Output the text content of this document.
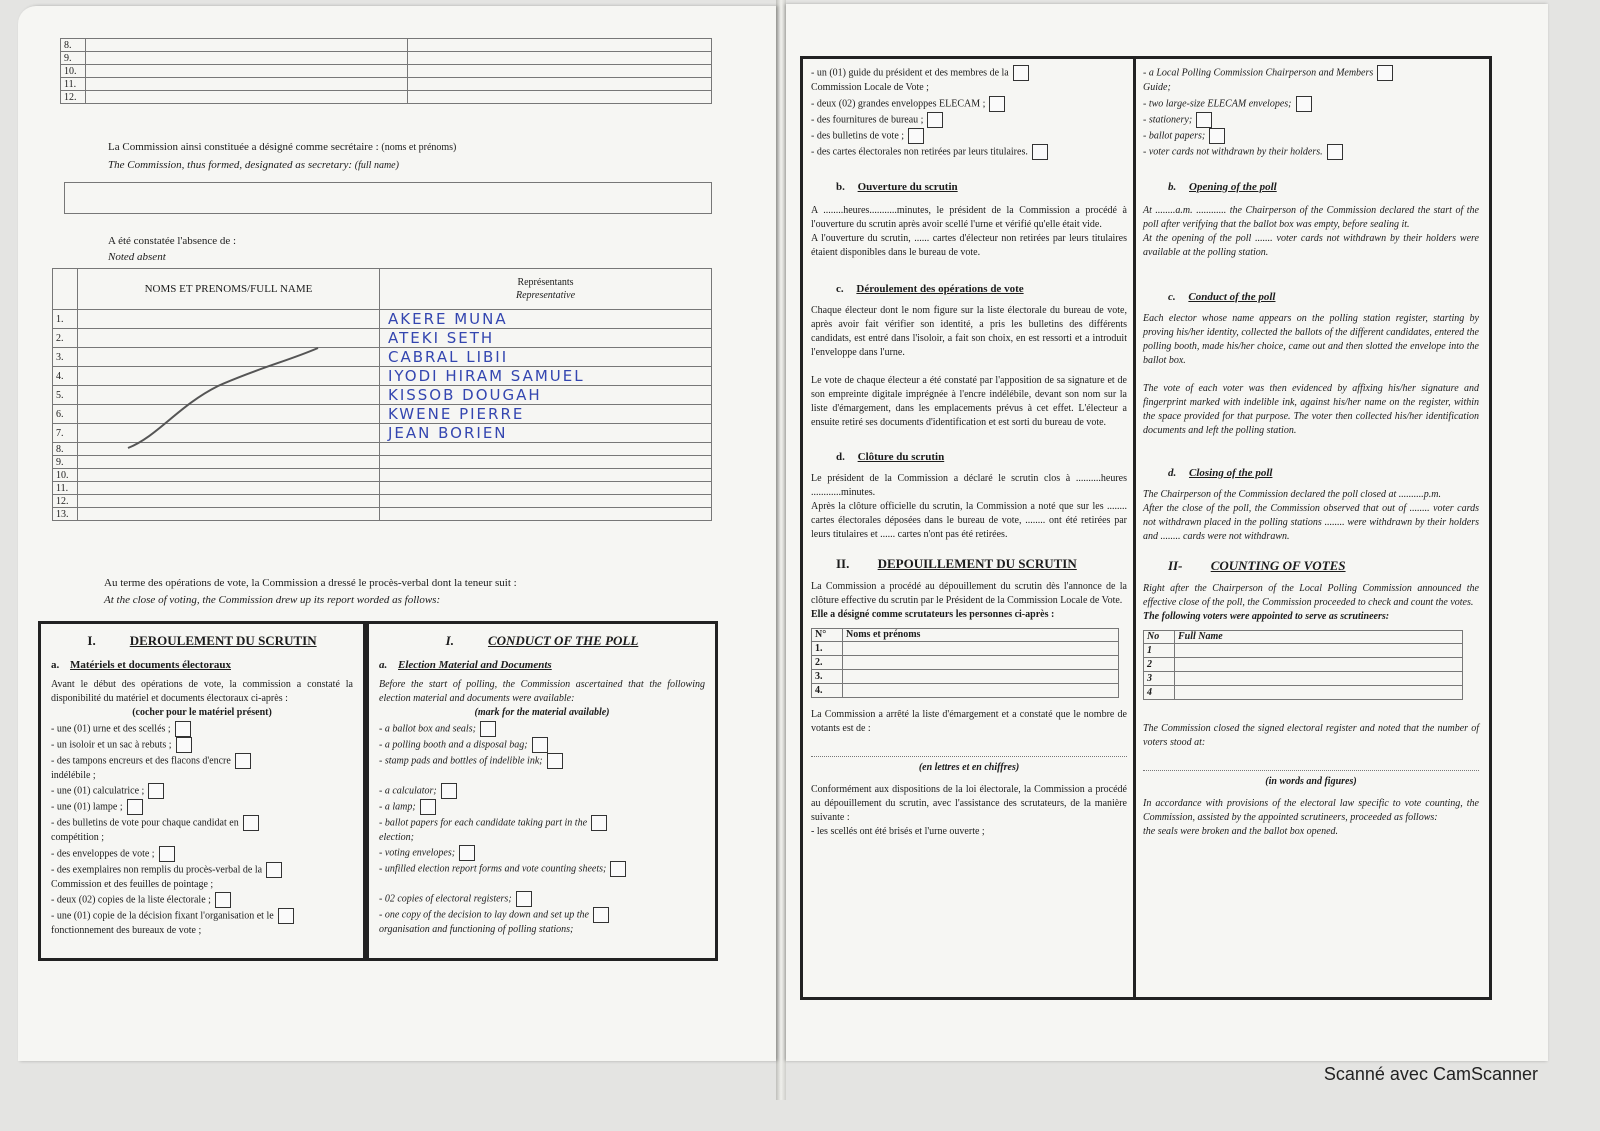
8.		
9.		
10.		
11.		
12.		
La Commission ainsi constituée a désigné comme secrétaire : (noms et prénoms)
The Commission, thus formed, designated as secretary: (full name)
A été constatée l'absence de :
Noted absent
	NOMS ET PRENOMS/FULL NAME	Représentants
Representative

1.		AKERE MUNA
2.		ATEKI SETH
3.		CABRAL LIBII
4.		IYODI HIRAM SAMUEL
5.		KISSOB DOUGAH
6.		KWENE PIERRE
7.		JEAN BORIEN
8.		
9.		
10.		
11.		
12.		
13.		
Au terme des opérations de vote, la Commission a dressé le procès-verbal dont la teneur suit :
At the close of voting, the Commission drew up its report worded as follows:
I.	DEROULEMENT DU SCRUTIN
a. Matériels et documents électoraux

Avant le début des opérations de vote, la commission a constaté la disponibilité du matériel et documents électoraux ci-après :

(cocher pour le matériel présent)

- une (01) urne et des scellés ;

- un isoloir et un sac à rebuts ;

- des tampons encreurs et des flacons d'encre

indélébile ;

- une (01) calculatrice ;

- une (01) lampe ;

- des bulletins de vote pour chaque candidat en

compétition ;

- des enveloppes de vote ;

- des exemplaires non remplis du procès-verbal de la

Commission et des feuilles de pointage ;

- deux (02) copies de la liste électorale ;

- une (01) copie de la décision fixant l'organisation et le

fonctionnement des bureaux de vote ;

I.	CONDUCT OF THE POLL
a. Election Material and Documents

Before the start of polling, the Commission ascertained that the following election material and documents were available:

(mark for the material available)

- a ballot box and seals;

- a polling booth and a disposal bag;

- stamp pads and bottles of indelible ink;

- a calculator;

- a lamp;

- ballot papers for each candidate taking part in the

election;

- voting envelopes;

- unfilled election report forms and vote counting sheets;

- 02 copies of electoral registers;

- one copy of the decision to lay down and set up the

organisation and functioning of polling stations;

- un (01) guide du président et des membres de la

Commission Locale de Vote ;

- deux (02) grandes enveloppes ELECAM ;

- des fournitures de bureau ;

- des bulletins de vote ;

- des cartes électorales non retirées par leurs titulaires.

b. Ouverture du scrutin

A ........heures...........minutes, le président de la Commission a procédé à l'ouverture du scrutin après avoir scellé l'urne et vérifié qu'elle était vide.

A l'ouverture du scrutin, ...... cartes d'électeur non retirées par leurs titulaires étaient disponibles dans le bureau de vote.

c. Déroulement des opérations de vote

Chaque électeur dont le nom figure sur la liste électorale du bureau de vote, après avoir fait vérifier son identité, a pris les bulletins des différents candidats, est entré dans l'isoloir, a fait son choix, en est ressorti et a introduit l'enveloppe dans l'urne.

Le vote de chaque électeur a été constaté par l'apposition de sa signature et de son empreinte digitale imprégnée à l'encre indélébile, devant son nom sur la liste d'émargement, dans les emplacements prévus à cet effet. L'électeur a ensuite retiré ses documents d'identification et est sorti du bureau de vote.

d. Clôture du scrutin

Le président de la Commission a déclaré le scrutin clos à ..........heures ............minutes.

Après la clôture officielle du scrutin, la Commission a noté que sur les ........ cartes électorales déposées dans le bureau de vote, ........ ont été retirées par leurs titulaires et ...... cartes n'ont pas été retirées.

II. DEPOUILLEMENT DU SCRUTIN

La Commission a procédé au dépouillement du scrutin dès l'annonce de la clôture effective du scrutin par le Président de la Commission Locale de Vote.

Elle a désigné comme scrutateurs les personnes ci-après :

N°	Noms et prénoms
1.	
2.	
3.	
4.	

La Commission a arrêté la liste d'émargement et a constaté que le nombre de votants est de :

(en lettres et en chiffres)

Conformément aux dispositions de la loi électorale, la Commission a procédé au dépouillement du scrutin, avec l'assistance des scrutateurs, de la manière suivante :

- les scellés ont été brisés et l'urne ouverte ;

- a Local Polling Commission Chairperson and Members

Guide;

- two large-size ELECAM envelopes;

- stationery;

- ballot papers;

- voter cards not withdrawn by their holders.

b. Opening of the poll

At ........a.m. ............ the Chairperson of the Commission declared the start of the poll after verifying that the ballot box was empty, before sealing it.

At the opening of the poll ....... voter cards not withdrawn by their holders were available at the polling station.

c. Conduct of the poll

Each elector whose name appears on the polling station register, starting by proving his/her identity, collected the ballots of the different candidates, entered the polling booth, made his/her choice, came out and then slotted the envelope into the ballot box.

The vote of each voter was then evidenced by affixing his/her signature and fingerprint marked with indelible ink, against his/her name on the register, within the space provided for that purpose. The voter then collected his/her identification documents and left the polling station.

d. Closing of the poll

The Chairperson of the Commission declared the poll closed at ..........p.m.

After the close of the poll, the Commission observed that out of ........ voter cards not withdrawn placed in the polling stations ........ were withdrawn by their holders and ........ cards were not withdrawn.

II- COUNTING OF VOTES

Right after the Chairperson of the Local Polling Commission announced the effective close of the poll, the Commission proceeded to check and count the votes.

The following voters were appointed to serve as scrutineers:

No	Full Name
1	
2	
3	
4	

The Commission closed the signed electoral register and noted that the number of voters stood at:

(in words and figures)

In accordance with provisions of the electoral law specific to vote counting, the Commission, assisted by the appointed scrutineers, proceeded as follows:

the seals were broken and the ballot box opened.

Scanné avec CamScanner
